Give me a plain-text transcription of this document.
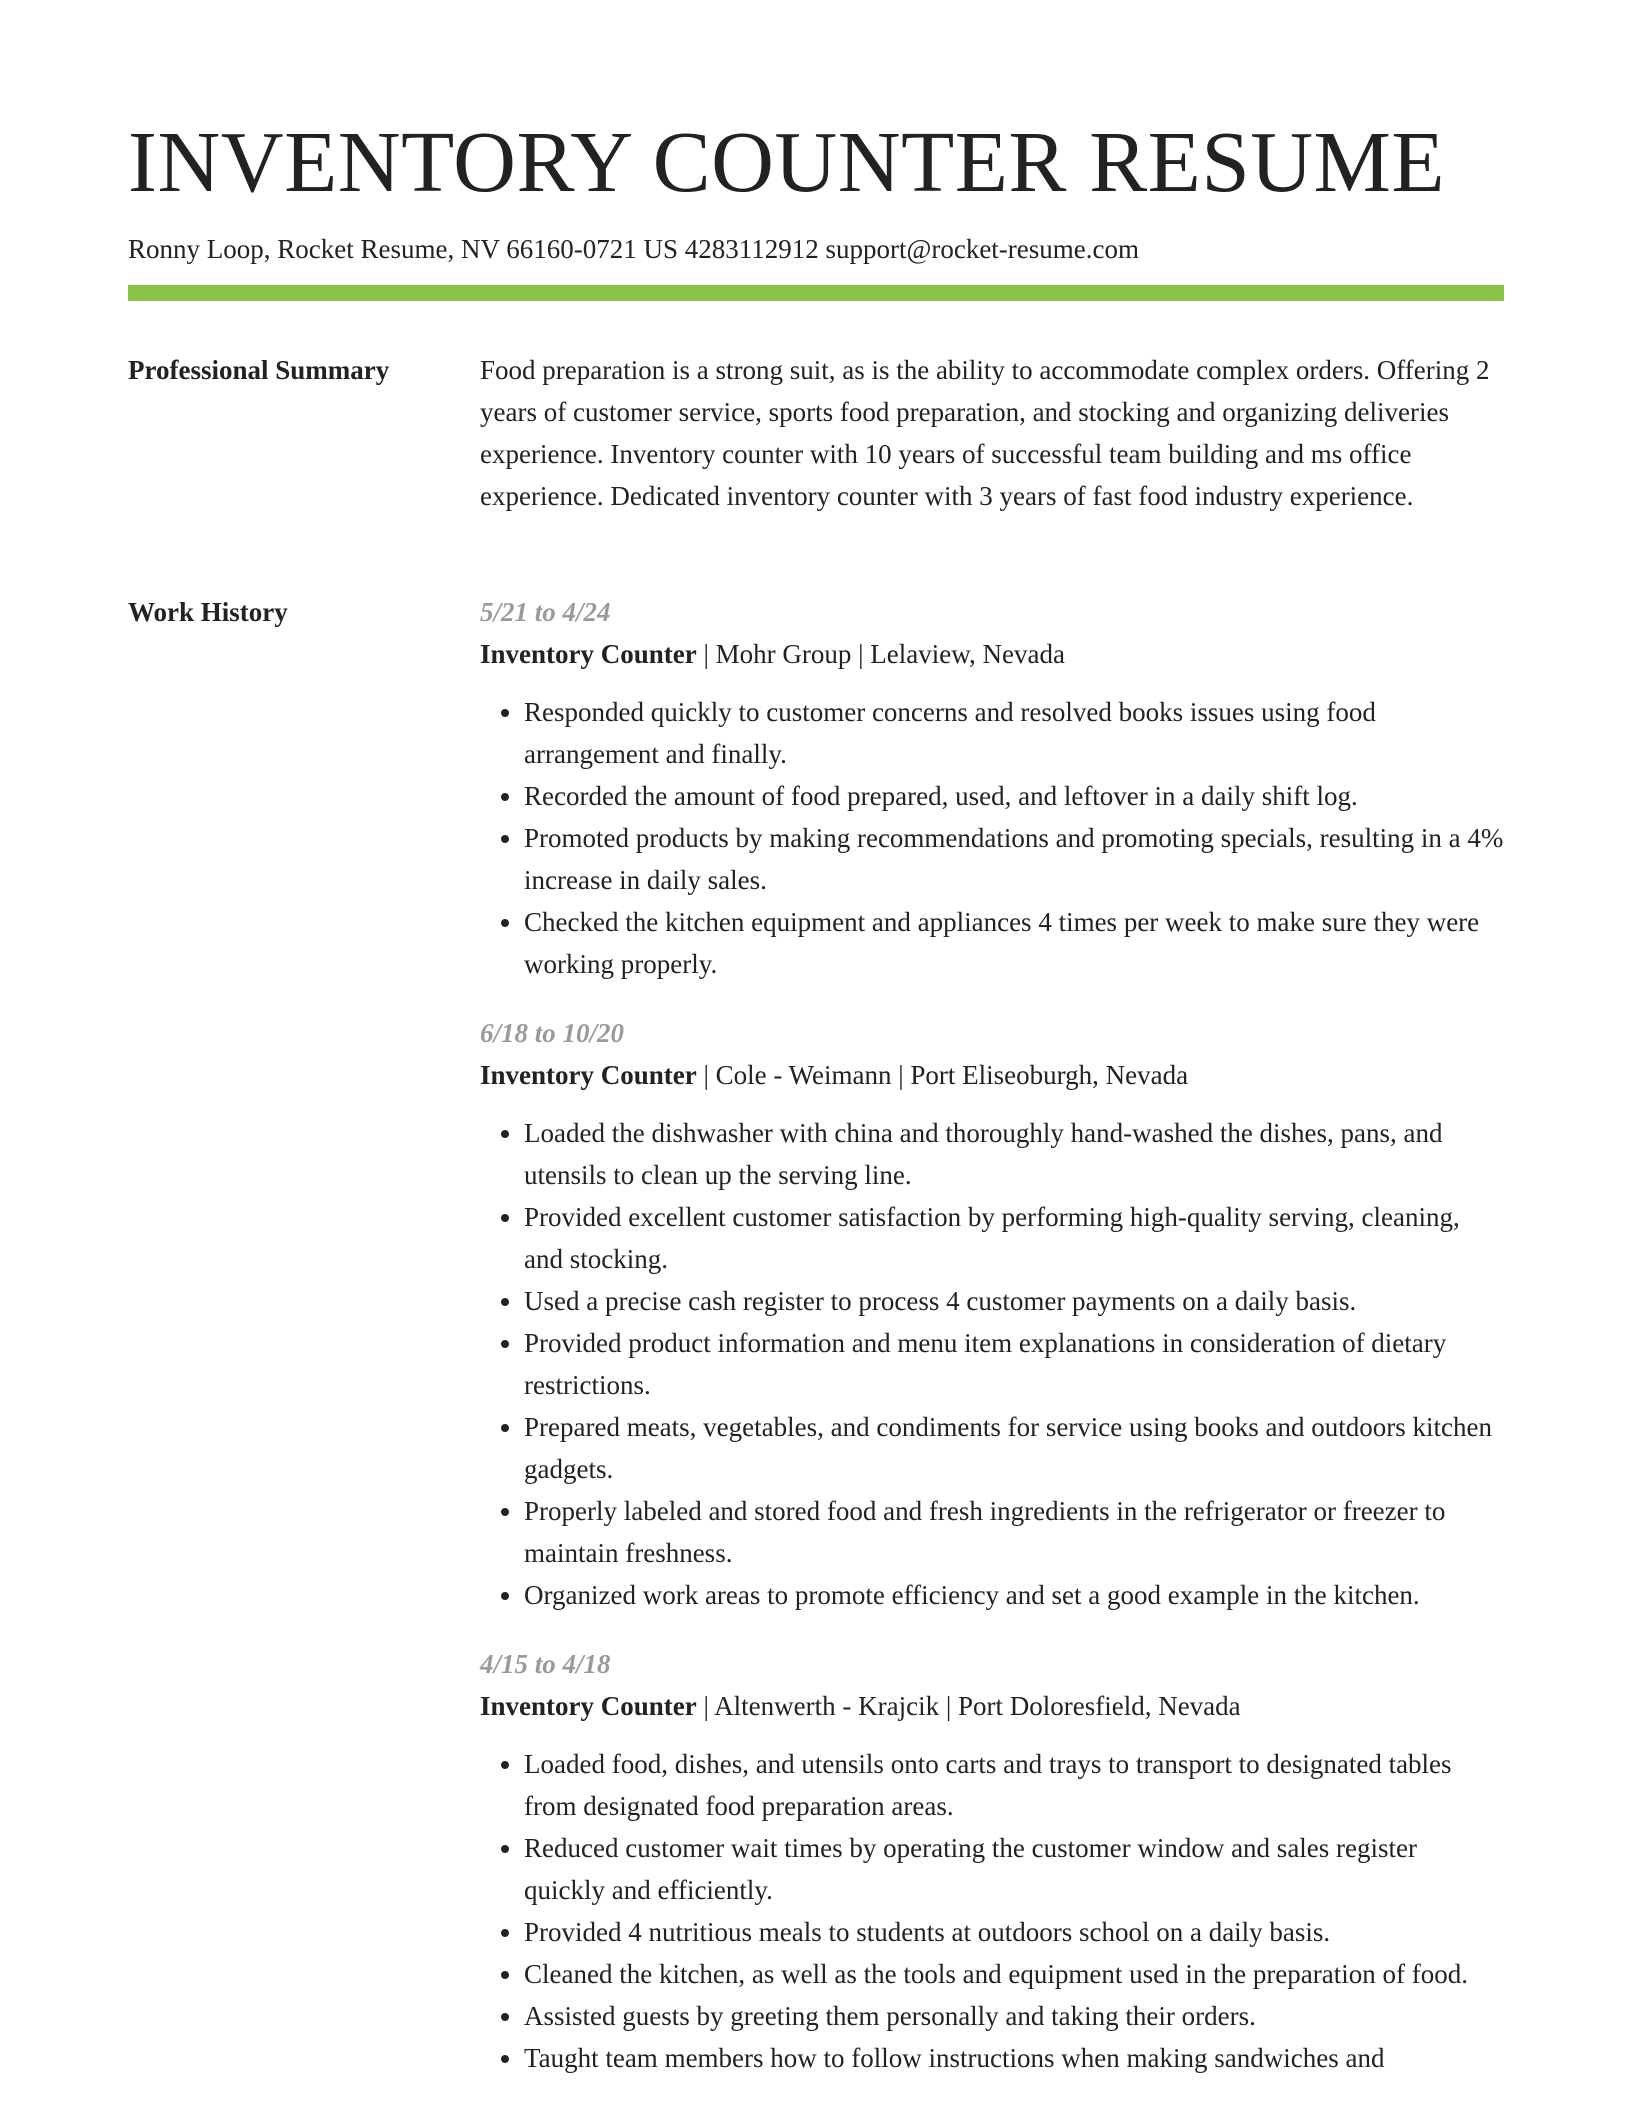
INVENTORY COUNTER RESUME
Ronny Loop, Rocket Resume, NV 66160-0721 US 4283112912 support@rocket-resume.com
Professional Summary	Food preparation is a strong suit, as is the ability to accommodate complex orders. Offering 2 years of customer service, sports food preparation, and stocking and organizing deliveries experience. Inventory counter with 10 years of successful team building and ms office experience. Dedicated inventory counter with 3 years of fast food industry experience.

Work History	5/21 to 4/24
Inventory Counter | Mohr Group | Lelaview, Nevada
• Responded quickly to customer concerns and resolved books issues using food arrangement and finally.
• Recorded the amount of food prepared, used, and leftover in a daily shift log.
• Promoted products by making recommendations and promoting specials, resulting in a 4% increase in daily sales.
• Checked the kitchen equipment and appliances 4 times per week to make sure they were working properly.
6/18 to 10/20
Inventory Counter | Cole - Weimann | Port Eliseoburgh, Nevada
• Loaded the dishwasher with china and thoroughly hand-washed the dishes, pans, and utensils to clean up the serving line.
• Provided excellent customer satisfaction by performing high-quality serving, cleaning, and stocking.
• Used a precise cash register to process 4 customer payments on a daily basis.
• Provided product information and menu item explanations in consideration of dietary restrictions.
• Prepared meats, vegetables, and condiments for service using books and outdoors kitchen gadgets.
• Properly labeled and stored food and fresh ingredients in the refrigerator or freezer to maintain freshness.
• Organized work areas to promote efficiency and set a good example in the kitchen.
4/15 to 4/18
Inventory Counter | Altenwerth - Krajcik | Port Doloresfield, Nevada
• Loaded food, dishes, and utensils onto carts and trays to transport to designated tables from designated food preparation areas.
• Reduced customer wait times by operating the customer window and sales register quickly and efficiently.
• Provided 4 nutritious meals to students at outdoors school on a daily basis.
• Cleaned the kitchen, as well as the tools and equipment used in the preparation of food.
• Assisted guests by greeting them personally and taking their orders.
• Taught team members how to follow instructions when making sandwiches and
